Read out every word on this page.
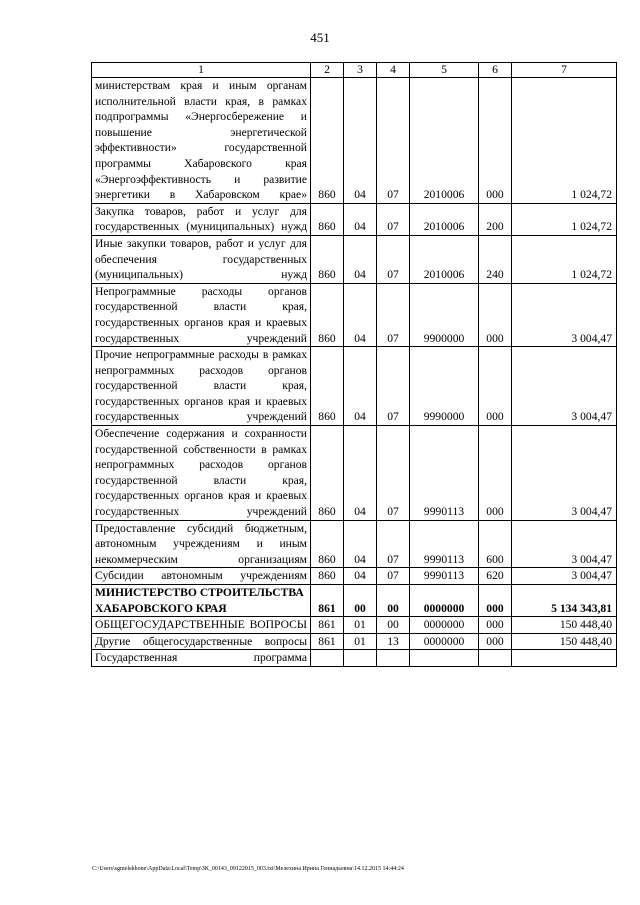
451
1	2	3	4	5	6	7
министерствам края и иным органам исполнительной власти края, в рамках подпрограммы «Энергосбережение и повышение энергетической эффективности» государственной программы Хабаровского края «Энергоэффективность и развитие энергетики в Хабаровском крае»	860	04	07	2010006	000	1 024,72
Закупка товаров, работ и услуг для государственных (муниципальных) нужд	860	04	07	2010006	200	1 024,72
Иные закупки товаров, работ и услуг для обеспечения государственных (муниципальных) нужд	860	04	07	2010006	240	1 024,72
Непрограммные расходы органов государственной власти края, государственных органов края и краевых государственных учреждений	860	04	07	9900000	000	3 004,47
Прочие непрограммные расходы в рамках непрограммных расходов органов государственной власти края, государственных органов края и краевых государственных учреждений	860	04	07	9990000	000	3 004,47
Обеспечение содержания и сохранности государственной собственности в рамках непрограммных расходов органов государственной власти края, государственных органов края и краевых государственных учреждений	860	04	07	9990113	000	3 004,47
Предоставление субсидий бюджетным, автономным учреждениям и иным некоммерческим организациям	860	04	07	9990113	600	3 004,47
Субсидии автономным учреждениям	860	04	07	9990113	620	3 004,47
МИНИСТЕРСТВО СТРОИТЕЛЬСТВА ХАБАРОВСКОГО КРАЯ	861	00	00	0000000	000	5 134 343,81
ОБЩЕГОСУДАРСТВЕННЫЕ ВОПРОСЫ	861	01	00	0000000	000	150 448,40
Другие общегосударственные вопросы	861	01	13	0000000	000	150 448,40
Государственная программа						
C:\Users\sgmelekhone\AppData\Local\Temp\ЗК_00143_09122015_003.txt\Мелехина Ирина Геннадьевна\14.12.2015 14:44:24
